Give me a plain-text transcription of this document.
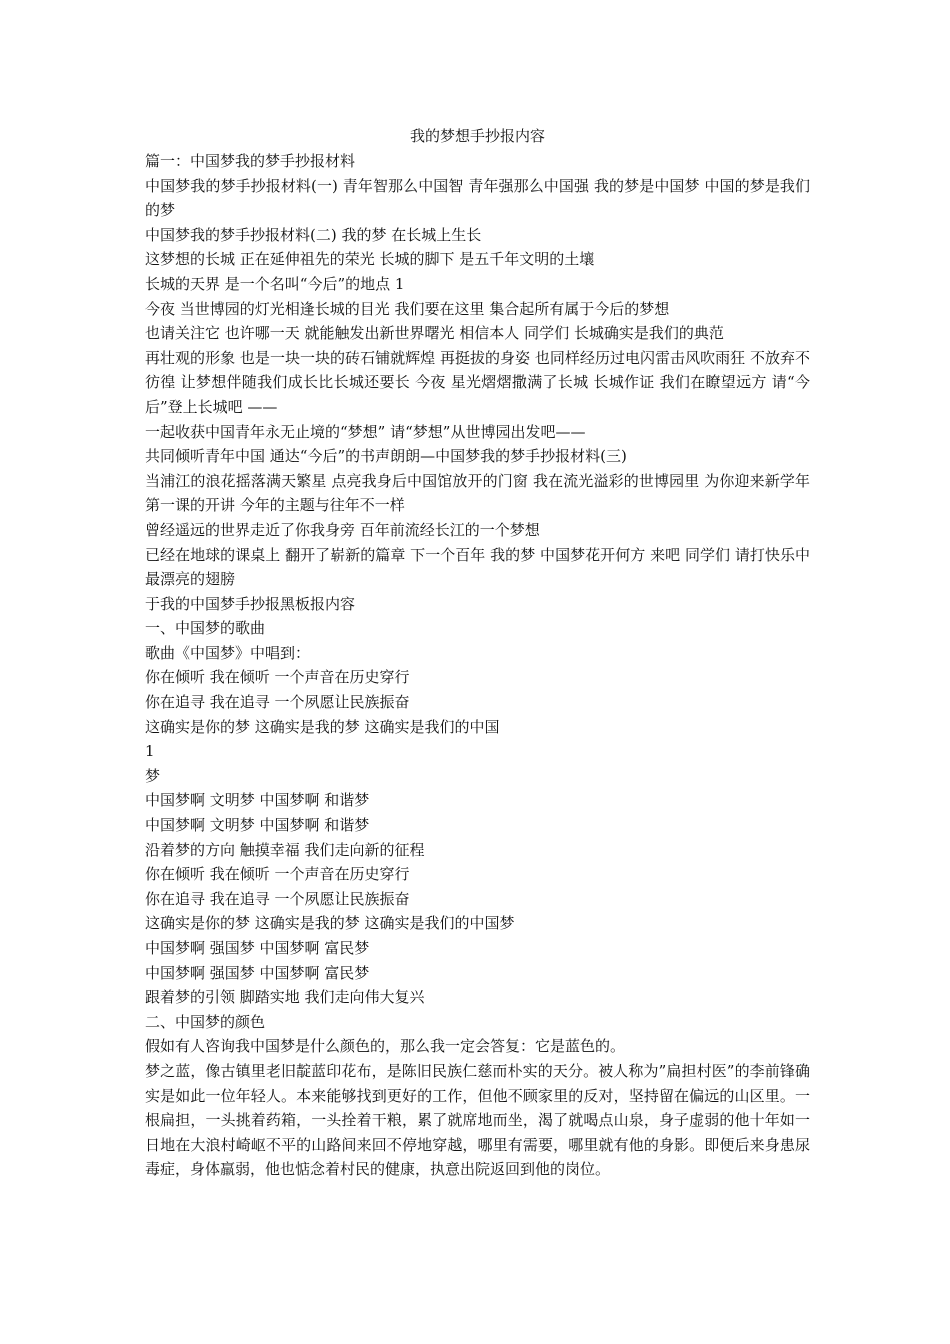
我的梦想手抄报内容

篇一：中国梦我的梦手抄报材料

中国梦我的梦手抄报材料(一) 青年智那么中国智 青年强那么中国强 我的梦是中国梦 中国的梦是我们的梦

中国梦我的梦手抄报材料(二) 我的梦 在长城上生长

这梦想的长城 正在延伸祖先的荣光 长城的脚下 是五千年文明的土壤

长城的天界 是一个名叫“今后”的地点 1

今夜 当世博园的灯光相逢长城的目光 我们要在这里 集合起所有属于今后的梦想

也请关注它 也许哪一天 就能触发出新世界曙光 相信本人 同学们 长城确实是我们的典范

再壮观的形象 也是一块一块的砖石铺就辉煌 再挺拔的身姿 也同样经历过电闪雷击风吹雨狂 不放弃不彷徨 让梦想伴随我们成长比长城还要长 今夜 星光熠熠撒满了长城 长城作证 我们在瞭望远方 请“今后”登上长城吧 ——

一起收获中国青年永无止境的“梦想” 请“梦想”从世博园出发吧——

共同倾听青年中国 通达“今后”的书声朗朗—中国梦我的梦手抄报材料(三)

当浦江的浪花摇落满天繁星 点亮我身后中国馆放开的门窗 我在流光溢彩的世博园里 为你迎来新学年第一课的开讲 今年的主题与往年不一样

曾经遥远的世界走近了你我身旁 百年前流经长江的一个梦想

已经在地球的课桌上 翻开了崭新的篇章 下一个百年 我的梦 中国梦花开何方 来吧 同学们 请打快乐中最漂亮的翅膀

于我的中国梦手抄报黑板报内容

一、中国梦的歌曲

歌曲《中国梦》中唱到：

你在倾听 我在倾听 一个声音在历史穿行

你在追寻 我在追寻 一个夙愿让民族振奋

这确实是你的梦 这确实是我的梦 这确实是我们的中国

1

梦

中国梦啊 文明梦 中国梦啊 和谐梦

中国梦啊 文明梦 中国梦啊 和谐梦

沿着梦的方向 触摸幸福 我们走向新的征程

你在倾听 我在倾听 一个声音在历史穿行

你在追寻 我在追寻 一个夙愿让民族振奋

这确实是你的梦 这确实是我的梦 这确实是我们的中国梦

中国梦啊 强国梦 中国梦啊 富民梦

中国梦啊 强国梦 中国梦啊 富民梦

跟着梦的引领 脚踏实地 我们走向伟大复兴

二、中国梦的颜色

假如有人咨询我中国梦是什么颜色的，那么我一定会答复：它是蓝色的。

梦之蓝，像古镇里老旧靛蓝印花布，是陈旧民族仁慈而朴实的天分。被人称为”扁担村医”的李前锋确实是如此一位年轻人。本来能够找到更好的工作，但他不顾家里的反对，坚持留在偏远的山区里。一根扁担，一头挑着药箱，一头拴着干粮，累了就席地而坐，渴了就喝点山泉，身子虚弱的他十年如一日地在大浪村崎岖不平的山路间来回不停地穿越，哪里有需要，哪里就有他的身影。即便后来身患尿毒症，身体羸弱，他也惦念着村民的健康，执意出院返回到他的岗位。
